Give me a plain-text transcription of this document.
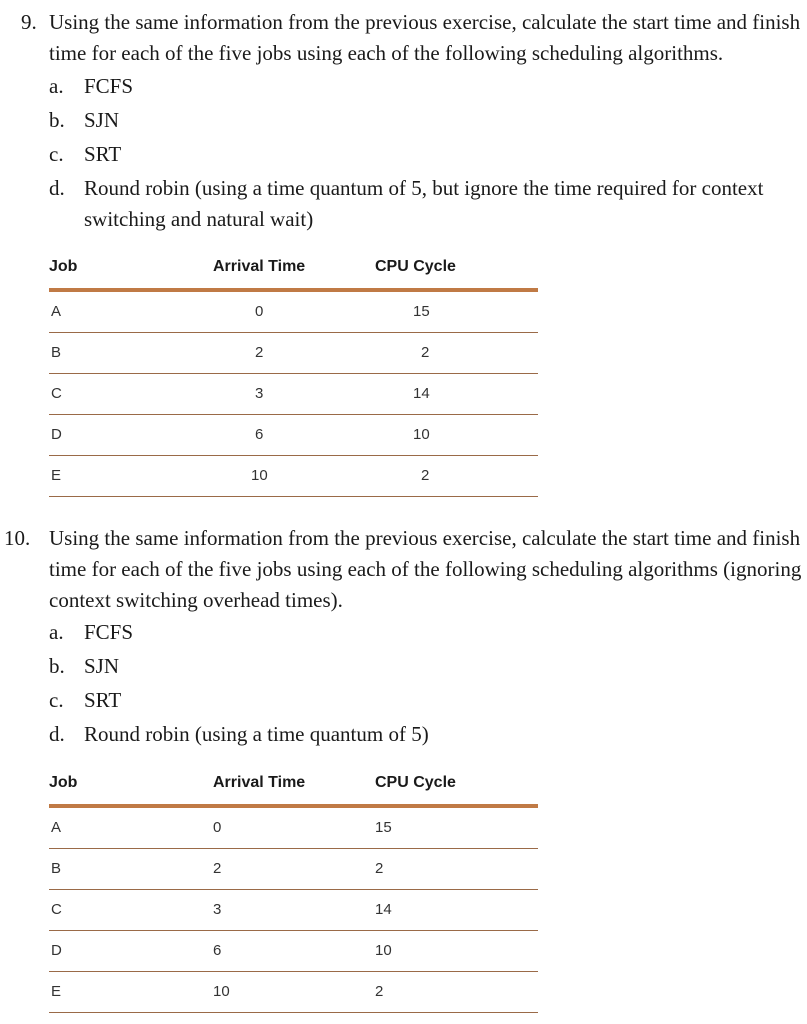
9. Using the same information from the previous exercise, calculate the start time and finish time for each of the five jobs using each of the following scheduling algorithms.
a. FCFS
b. SJN
c. SRT
d. Round robin (using a time quantum of 5, but ignore the time required for context switching and natural wait)
Job	Arrival Time	CPU Cycle
A	0	15
B	2	2
C	3	14
D	6	10
E	10	2
10. Using the same information from the previous exercise, calculate the start time and finish time for each of the five jobs using each of the following scheduling algorithms (ignoring context switching overhead times).
a. FCFS
b. SJN
c. SRT
d. Round robin (using a time quantum of 5)
Job	Arrival Time	CPU Cycle
A	0	15
B	2	2
C	3	14
D	6	10
E	10	2
